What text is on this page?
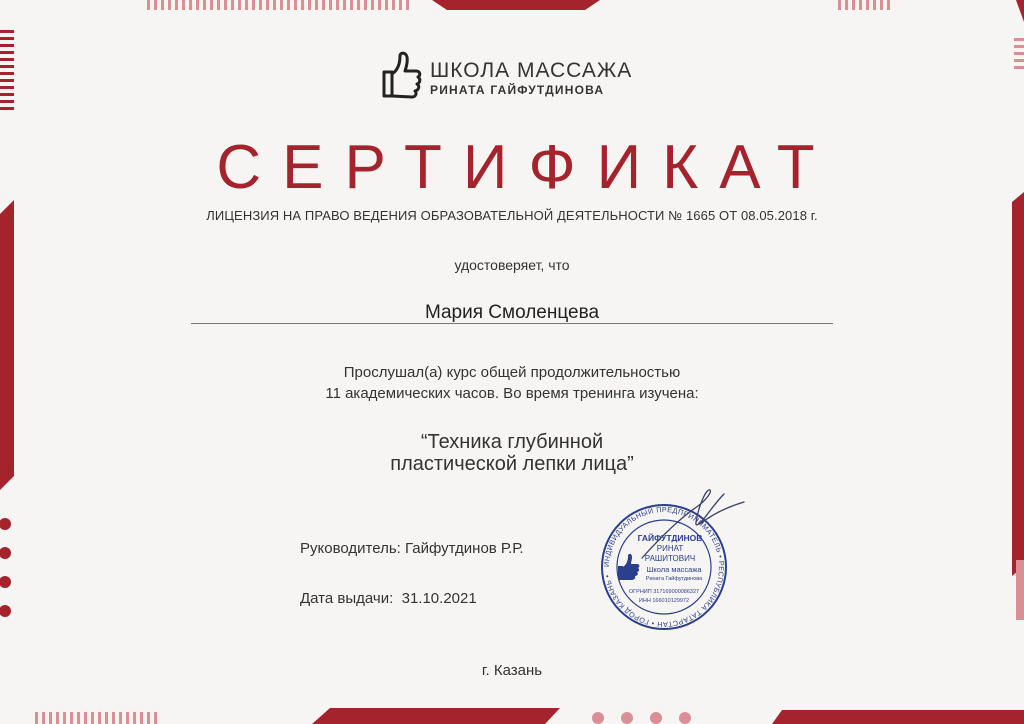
ШКОЛА МАССАЖА
РИНАТА ГАЙФУТДИНОВА
СЕРТИФИКАТ
ЛИЦЕНЗИЯ НА ПРАВО ВЕДЕНИЯ ОБРАЗОВАТЕЛЬНОЙ ДЕЯТЕЛЬНОСТИ № 1665 ОТ 08.05.2018 г.
удостоверяет, что
Мария Смоленцева
Прослушал(а) курс общей продолжительностью
11 академических часов. Во время тренинга изучена:
“Техника глубинной
пластической лепки лица”
Руководитель: Гайфутдинов Р.Р.
Дата выдачи: 31.10.2021
г. Казань
ИНДИВИДУАЛЬНЫЙ ПРЕДПРИНИМАТЕЛЬ • РЕСПУБЛИКА ТАТАРСТАН • ГОРОД КАЗАНЬ •
ГАЙФУТДИНОВ
РИНАТ
РАШИТОВИЧ
Школа массажа
Рината Гайфутдинова
ОГРНИП 317169000086327
ИНН 166010129972
